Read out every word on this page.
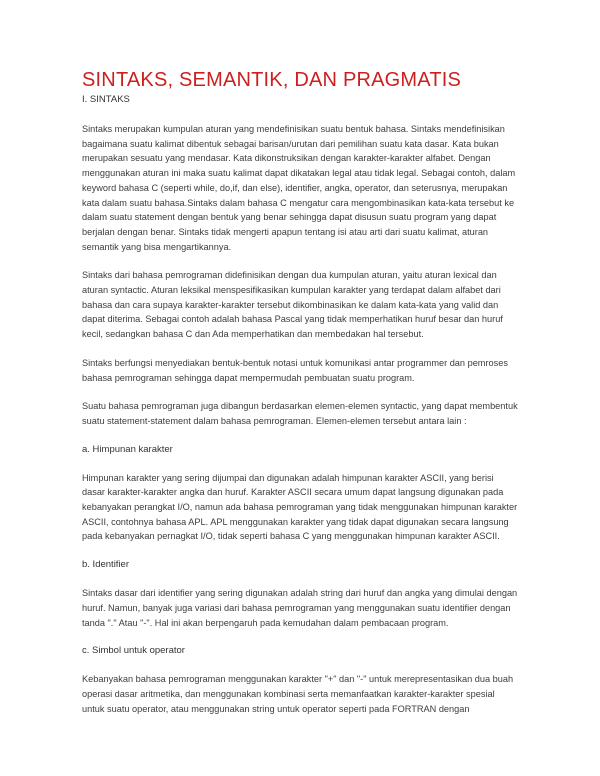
SINTAKS, SEMANTIK, DAN PRAGMATIS
I. SINTAKS

Sintaks merupakan kumpulan aturan yang mendefinisikan suatu bentuk bahasa. Sintaks mendefinisikan bagaimana suatu kalimat dibentuk sebagai barisan/urutan dari pemilihan suatu kata dasar. Kata bukan merupakan sesuatu yang mendasar. Kata dikonstruksikan dengan karakter-karakter alfabet. Dengan menggunakan aturan ini maka suatu kalimat dapat dikatakan legal atau tidak legal. Sebagai contoh, dalam keyword bahasa C (seperti while, do,if, dan else), identifier, angka, operator, dan seterusnya, merupakan kata dalam suatu bahasa.Sintaks dalam bahasa C mengatur cara mengombinasikan kata-kata tersebut ke dalam suatu statement dengan bentuk yang benar sehingga dapat disusun suatu program yang dapat berjalan dengan benar. Sintaks tidak mengerti apapun tentang isi atau arti dari suatu kalimat, aturan semantik yang bisa mengartikannya.

Sintaks dari bahasa pemrograman didefinisikan dengan dua kumpulan aturan, yaitu aturan lexical dan aturan syntactic. Aturan leksikal menspesifikasikan kumpulan karakter yang terdapat dalam alfabet dari bahasa dan cara supaya karakter-karakter tersebut dikombinasikan ke dalam kata-kata yang valid dan dapat diterima. Sebagai contoh adalah bahasa Pascal yang tidak memperhatikan huruf besar dan huruf kecil, sedangkan bahasa C dan Ada memperhatikan dan membedakan hal tersebut.

Sintaks berfungsi menyediakan bentuk-bentuk notasi untuk komunikasi antar programmer dan pemroses bahasa pemrograman sehingga dapat mempermudah pembuatan suatu program.

Suatu bahasa pemrograman juga dibangun berdasarkan elemen-elemen syntactic, yang dapat membentuk suatu statement-statement dalam bahasa pemrograman. Elemen-elemen tersebut antara lain :

a. Himpunan karakter

Himpunan karakter yang sering dijumpai dan digunakan adalah himpunan karakter ASCII, yang berisi dasar karakter-karakter angka dan huruf. Karakter ASCII secara umum dapat langsung digunakan pada kebanyakan perangkat I/O, namun ada bahasa pemrograman yang tidak menggunakan himpunan karakter ASCII, contohnya bahasa APL. APL menggunakan karakter yang tidak dapat digunakan secara langsung pada kebanyakan pernagkat I/O, tidak seperti bahasa C yang menggunakan himpunan karakter ASCII.

b. Identifier

Sintaks dasar dari identifier yang sering digunakan adalah string dari huruf dan angka yang dimulai dengan huruf. Namun, banyak juga variasi dari bahasa pemrograman yang menggunakan suatu identifier dengan tanda "." Atau "-". Hal ini akan berpengaruh pada kemudahan dalam pembacaan program.

c. Simbol untuk operator

Kebanyakan bahasa pemrograman menggunakan karakter "+" dan "-" untuk merepresentasikan dua buah operasi dasar aritmetika, dan menggunakan kombinasi serta memanfaatkan karakter-karakter spesial untuk suatu operator, atau menggunakan string untuk operator seperti pada FORTRAN dengan
